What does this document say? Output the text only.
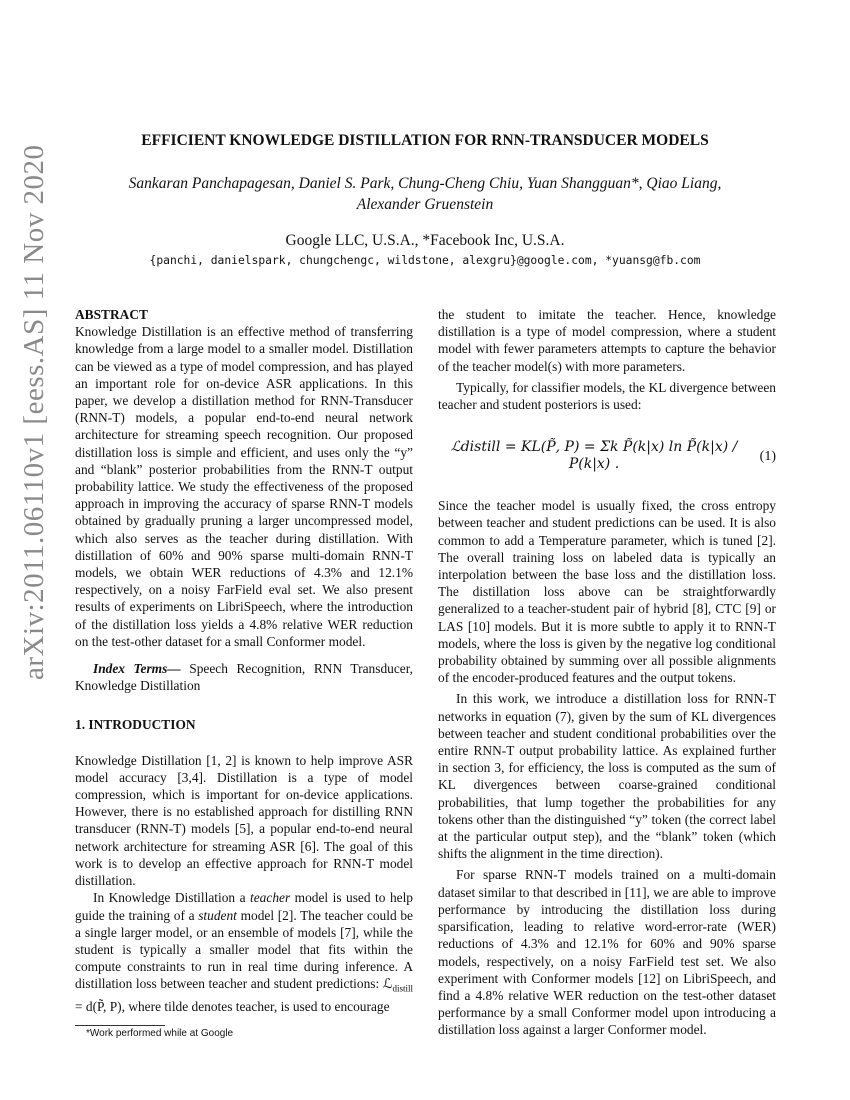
arXiv:2011.06110v1 [eess.AS] 11 Nov 2020
EFFICIENT KNOWLEDGE DISTILLATION FOR RNN-TRANSDUCER MODELS
Sankaran Panchapagesan, Daniel S. Park, Chung-Cheng Chiu, Yuan Shangguan*, Qiao Liang,
Alexander Gruenstein
Google LLC, U.S.A., *Facebook Inc, U.S.A.
{panchi, danielspark, chungchengc, wildstone, alexgru}@google.com, *yuansg@fb.com

ABSTRACT

Knowledge Distillation is an effective method of transferring knowledge from a large model to a smaller model. Distillation can be viewed as a type of model compression, and has played an important role for on-device ASR applications. In this paper, we develop a distillation method for RNN-Transducer (RNN-T) models, a popular end-to-end neural network architecture for streaming speech recognition. Our proposed distillation loss is simple and efficient, and uses only the “y” and “blank” posterior probabilities from the RNN-T output probability lattice. We study the effectiveness of the proposed approach in improving the accuracy of sparse RNN-T models obtained by gradually pruning a larger uncompressed model, which also serves as the teacher during distillation. With distillation of 60% and 90% sparse multi-domain RNN-T models, we obtain WER reductions of 4.3% and 12.1% respectively, on a noisy FarField eval set. We also present results of experiments on LibriSpeech, where the introduction of the distillation loss yields a 4.8% relative WER reduction on the test-other dataset for a small Conformer model.

Index Terms— Speech Recognition, RNN Transducer, Knowledge Distillation

1. INTRODUCTION

Knowledge Distillation [1, 2] is known to help improve ASR model accuracy [3,4]. Distillation is a type of model compression, which is important for on-device applications. However, there is no established approach for distilling RNN transducer (RNN-T) models [5], a popular end-to-end neural network architecture for streaming ASR [6]. The goal of this work is to develop an effective approach for RNN-T model distillation.

In Knowledge Distillation a teacher model is used to help guide the training of a student model [2]. The teacher could be a single larger model, or an ensemble of models [7], while the student is typically a smaller model that fits within the compute constraints to run in real time during inference. A distillation loss between teacher and student predictions: ℒ$_{distill}$ = d(P̃, P), where tilde denotes teacher, is used to encourage

the student to imitate the teacher. Hence, knowledge distillation is a type of model compression, where a student model with fewer parameters attempts to capture the behavior of the teacher model(s) with more parameters.

Typically, for classifier models, the KL divergence between teacher and student posteriors is used:

ℒdistill = KL(P̃, P) = Σk P̃(k|x) ln P̃(k|x) / P(k|x) .
(1)

Since the teacher model is usually fixed, the cross entropy between teacher and student predictions can be used. It is also common to add a Temperature parameter, which is tuned [2]. The overall training loss on labeled data is typically an interpolation between the base loss and the distillation loss. The distillation loss above can be straightforwardly generalized to a teacher-student pair of hybrid [8], CTC [9] or LAS [10] models. But it is more subtle to apply it to RNN-T models, where the loss is given by the negative log conditional probability obtained by summing over all possible alignments of the encoder-produced features and the output tokens.

In this work, we introduce a distillation loss for RNN-T networks in equation (7), given by the sum of KL divergences between teacher and student conditional probabilities over the entire RNN-T output probability lattice. As explained further in section 3, for efficiency, the loss is computed as the sum of KL divergences between coarse-grained conditional probabilities, that lump together the probabilities for any tokens other than the distinguished “y” token (the correct label at the particular output step), and the “blank” token (which shifts the alignment in the time direction).

For sparse RNN-T models trained on a multi-domain dataset similar to that described in [11], we are able to improve performance by introducing the distillation loss during sparsification, leading to relative word-error-rate (WER) reductions of 4.3% and 12.1% for 60% and 90% sparse models, respectively, on a noisy FarField test set. We also experiment with Conformer models [12] on LibriSpeech, and find a 4.8% relative WER reduction on the test-other dataset performance by a small Conformer model upon introducing a distillation loss against a larger Conformer model.

*Work performed while at Google
